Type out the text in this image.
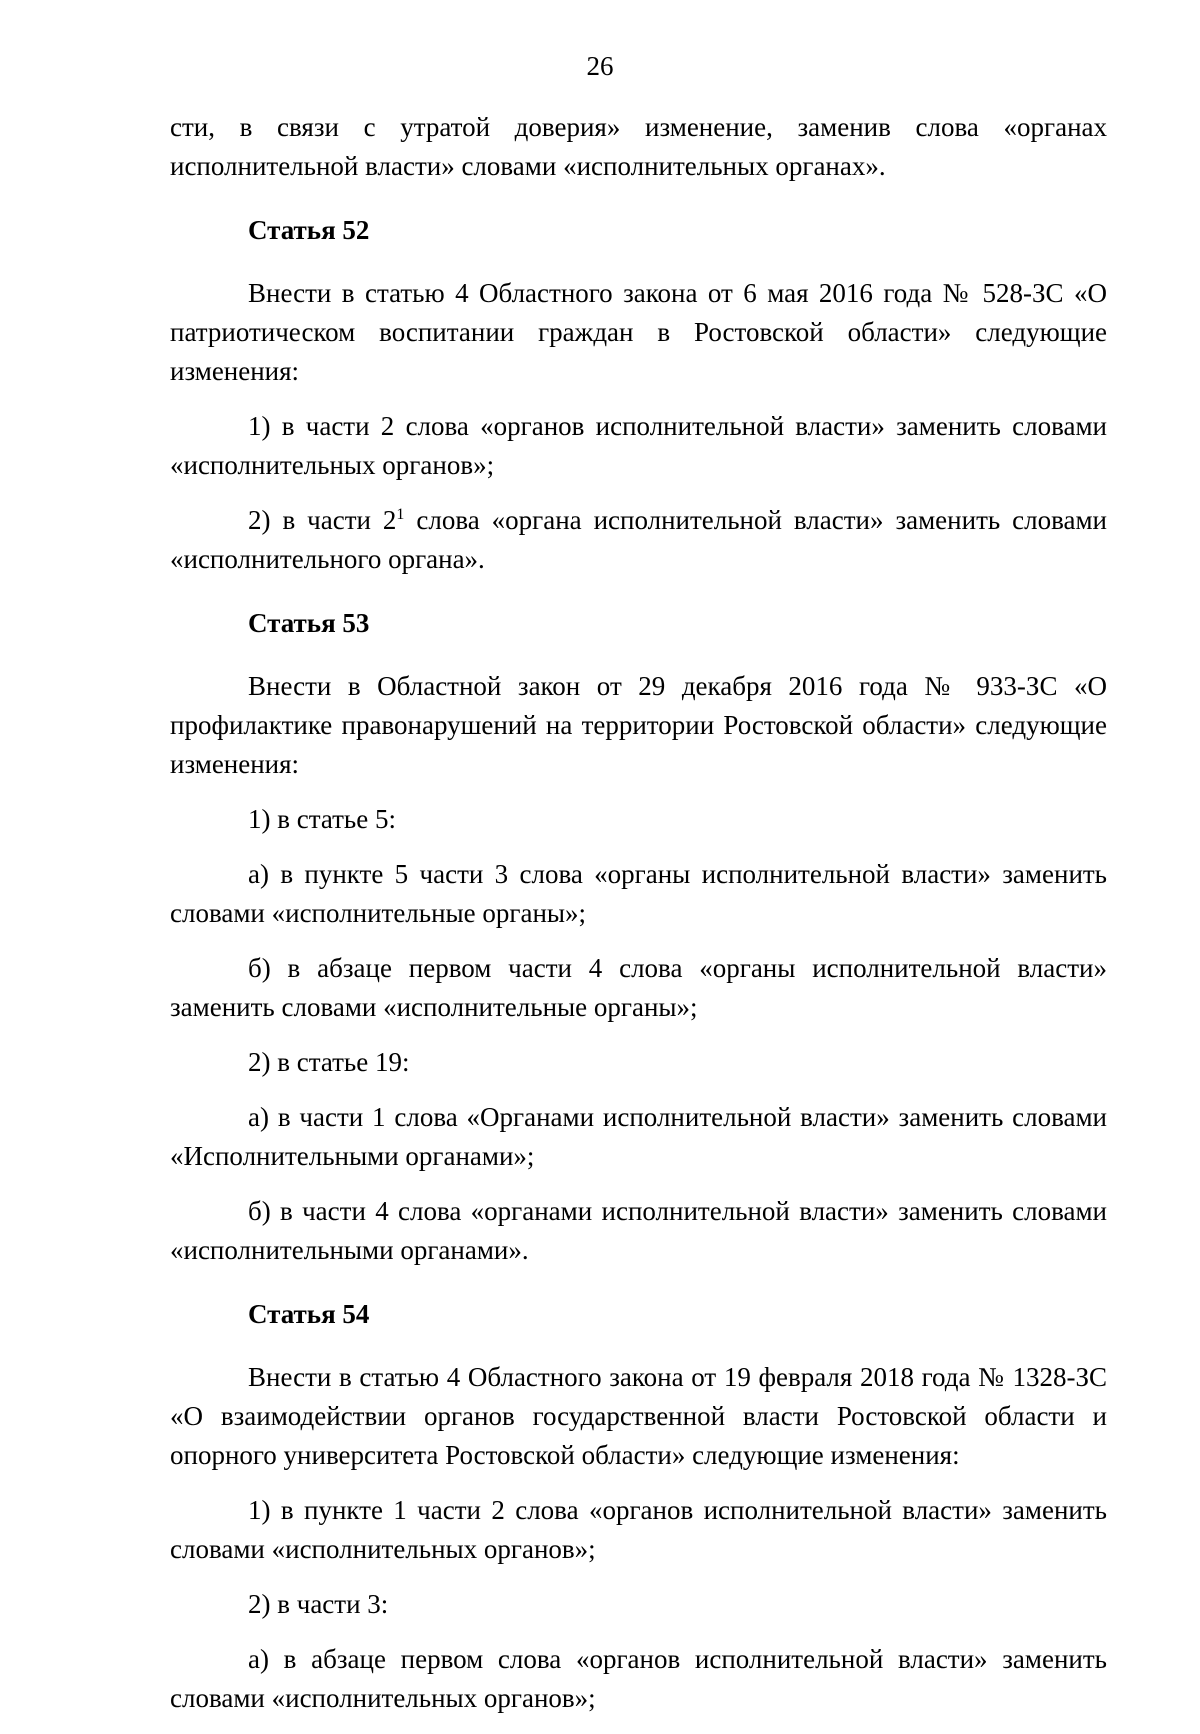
26

сти, в связи с утратой доверия» изменение, заменив слова «органах исполнительной власти» словами «исполнительных органах».

Статья 52

Внести в статью 4 Областного закона от 6 мая 2016 года № 528-ЗС «О патриотическом воспитании граждан в Ростовской области» следующие изменения:

1) в части 2 слова «органов исполнительной власти» заменить словами «исполнительных органов»;

2) в части $2^1$ слова «органа исполнительной власти» заменить словами «исполнительного органа».

Статья 53

Внести в Областной закон от 29 декабря 2016 года № 933-ЗС «О профилактике правонарушений на территории Ростовской области» следующие изменения:

1) в статье 5:

а) в пункте 5 части 3 слова «органы исполнительной власти» заменить словами «исполнительные органы»;

б) в абзаце первом части 4 слова «органы исполнительной власти» заменить словами «исполнительные органы»;

2) в статье 19:

а) в части 1 слова «Органами исполнительной власти» заменить словами «Исполнительными органами»;

б) в части 4 слова «органами исполнительной власти» заменить словами «исполнительными органами».

Статья 54

Внести в статью 4 Областного закона от 19 февраля 2018 года № 1328-ЗС «О взаимодействии органов государственной власти Ростовской области и опорного университета Ростовской области» следующие изменения:

1) в пункте 1 части 2 слова «органов исполнительной власти» заменить словами «исполнительных органов»;

2) в части 3:

а) в абзаце первом слова «органов исполнительной власти» заменить словами «исполнительных органов»;
